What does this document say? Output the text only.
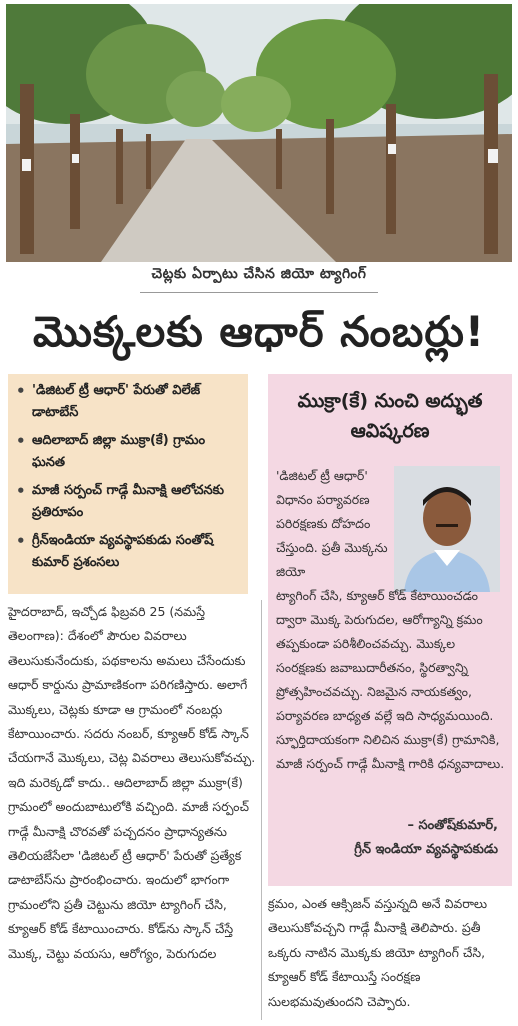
చెట్లకు ఏర్పాటు చేసిన జియో ట్యాగింగ్
మొక్కలకు ఆధార్ నంబర్లు!
• 'డిజిటల్ ట్రీ ఆధార్' పేరుతో విలేజ్ డాటాబేస్
• ఆదిలాబాద్ జిల్లా ముక్రా(కే) గ్రామం ఘనత
• మాజీ సర్పంచ్ గాడ్గే మీనాక్షి ఆలోచనకు ప్రతిరూపం
• గ్రీన్‌ఇండియా వ్యవస్థాపకుడు సంతోష్ కుమార్ ప్రశంసలు
ముక్రా(కే) నుంచి అద్భుత ఆవిష్కరణ
'డిజిటల్ ట్రీ ఆధార్' విధానం పర్యావరణ పరిరక్షణకు దోహదం చేస్తుంది. ప్రతీ మొక్కను జియో
ట్యాగింగ్ చేసి, క్యూఆర్ కోడ్ కేటాయించడం ద్వారా మొక్క పెరుగుదల, ఆరోగ్యాన్ని క్రమం తప్పకుండా పరిశీలించవచ్చు. మొక్కల సంరక్షణకు జవాబుదారీతనం, స్థిరత్వాన్ని ప్రోత్సహించవచ్చు. నిజమైన నాయకత్వం, పర్యావరణ బాధ్యత వల్లే ఇది సాధ్యమయింది. స్ఫూర్తిదాయకంగా నిలిచిన ముక్రా(కే) గ్రామానికి, మాజీ సర్పంచ్ గాడ్గే మీనాక్షి గారికి ధన్యవాదాలు.
– సంతోష్‌కుమార్,
గ్రీన్ ఇండియా వ్యవస్థాపకుడు
హైదరాబాద్, ఇచ్చోడ ఫిబ్రవరి 25 (నమస్తే తెలంగాణ): దేశంలో పౌరుల వివరాలు తెలుసుకునేందుకు, పథకాలను అమలు చేసేందుకు ఆధార్ కార్డును ప్రామాణికంగా పరిగణిస్తారు. అలాగే మొక్కలు, చెట్లకు కూడా ఆ గ్రామంలో నంబర్లు కేటాయించారు. సదరు నంబర్, క్యూఆర్ కోడ్ స్కాన్ చేయగానే మొక్కలు, చెట్ల వివరాలు తెలుసుకోవచ్చు. ఇది మరెక్కడో కాదు.. ఆదిలాబాద్ జిల్లా ముక్రా(కే) గ్రామంలో అందుబాటులోకి వచ్చింది. మాజీ సర్పంచ్ గాడ్గే మీనాక్షి చొరవతో పచ్చదనం ప్రాధాన్యతను తెలియజేసేలా 'డిజిటల్ ట్రీ ఆధార్' పేరుతో ప్రత్యేక డాటాబేస్‌ను ప్రారంభించారు. ఇందులో భాగంగా గ్రామంలోని ప్రతీ చెట్టును జియో ట్యాగింగ్ చేసి, క్యూఆర్ కోడ్ కేటాయించారు. కోడ్‌ను స్కాన్ చేస్తే మొక్క, చెట్టు వయసు, ఆరోగ్యం, పెరుగుదల
క్రమం, ఎంత ఆక్సిజన్ వస్తున్నది అనే వివరాలు తెలుసుకోవచ్చని గాడ్గే మీనాక్షి తెలిపారు. ప్రతీ ఒక్కరు నాటిన మొక్కకు జియో ట్యాగింగ్ చేసి, క్యూఆర్ కోడ్ కేటాయిస్తే సంరక్షణ సులభమవుతుందని చెప్పారు.
